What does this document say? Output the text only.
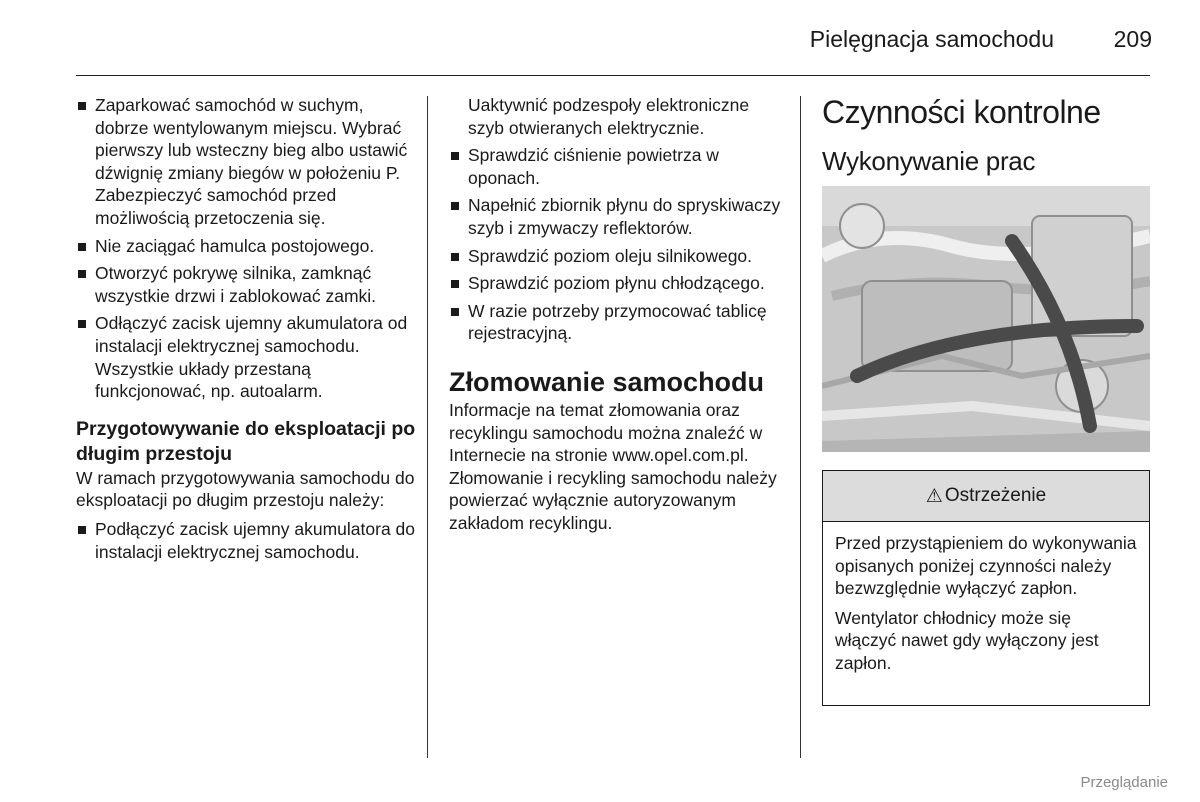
Pielęgnacja samochodu	209
Zaparkować samochód w suchym, dobrze wentylowanym miejscu. Wybrać pierwszy lub wsteczny bieg albo ustawić dźwignię zmiany biegów w położeniu P. Zabezpieczyć samochód przed możliwością przetoczenia się.
Nie zaciągać hamulca postojowego.
Otworzyć pokrywę silnika, zamknąć wszystkie drzwi i zablokować zamki.
Odłączyć zacisk ujemny akumulatora od instalacji elektrycznej samochodu. Wszystkie układy przestaną funkcjonować, np. autoalarm.
Przygotowywanie do eksploatacji po długim przestoju

W ramach przygotowywania samochodu do eksploatacji po długim przestoju należy:

Podłączyć zacisk ujemny akumulatora do instalacji elektrycznej samochodu.

Uaktywnić podzespoły elektroniczne szyb otwieranych elektrycznie.

Sprawdzić ciśnienie powietrza w oponach.
Napełnić zbiornik płynu do spryskiwaczy szyb i zmywaczy reflektorów.
Sprawdzić poziom oleju silnikowego.
Sprawdzić poziom płynu chłodzącego.
W razie potrzeby przymocować tablicę rejestracyjną.
Złomowanie samochodu

Informacje na temat złomowania oraz recyklingu samochodu można znaleźć w Internecie na stronie www.opel.com.pl. Złomowanie i recykling samochodu należy powierzać wyłącznie autoryzowanym zakładom recyklingu.

Czynności kontrolne
Wykonywanie prac
⚠ Ostrzeżenie

Przed przystąpieniem do wykonywania opisanych poniżej czynności należy bezwzględnie wyłączyć zapłon.

Wentylator chłodnicy może się włączyć nawet gdy wyłączony jest zapłon.

Przeglądanie
